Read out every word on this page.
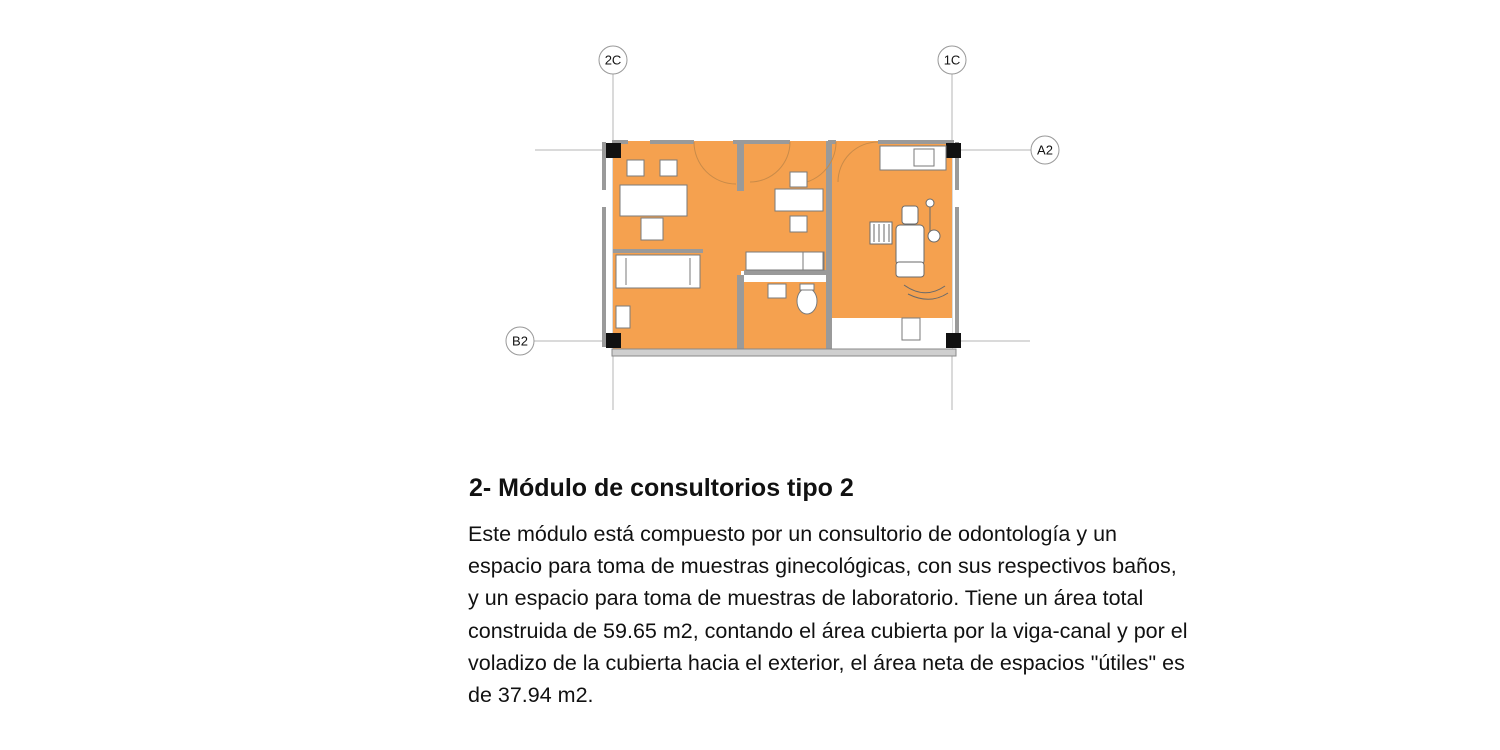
2C	1C
A2
B2
2- Módulo de consultorios tipo 2

Este módulo está compuesto por un consultorio de odontología y un espacio para toma de muestras ginecológicas, con sus respectivos baños, y un espacio para toma de muestras de laboratorio. Tiene un área total construida de 59.65 m2, contando el área cubierta por la viga-canal y por el voladizo de la cubierta hacia el exterior, el área neta de espacios "útiles" es de 37.94 m2.
